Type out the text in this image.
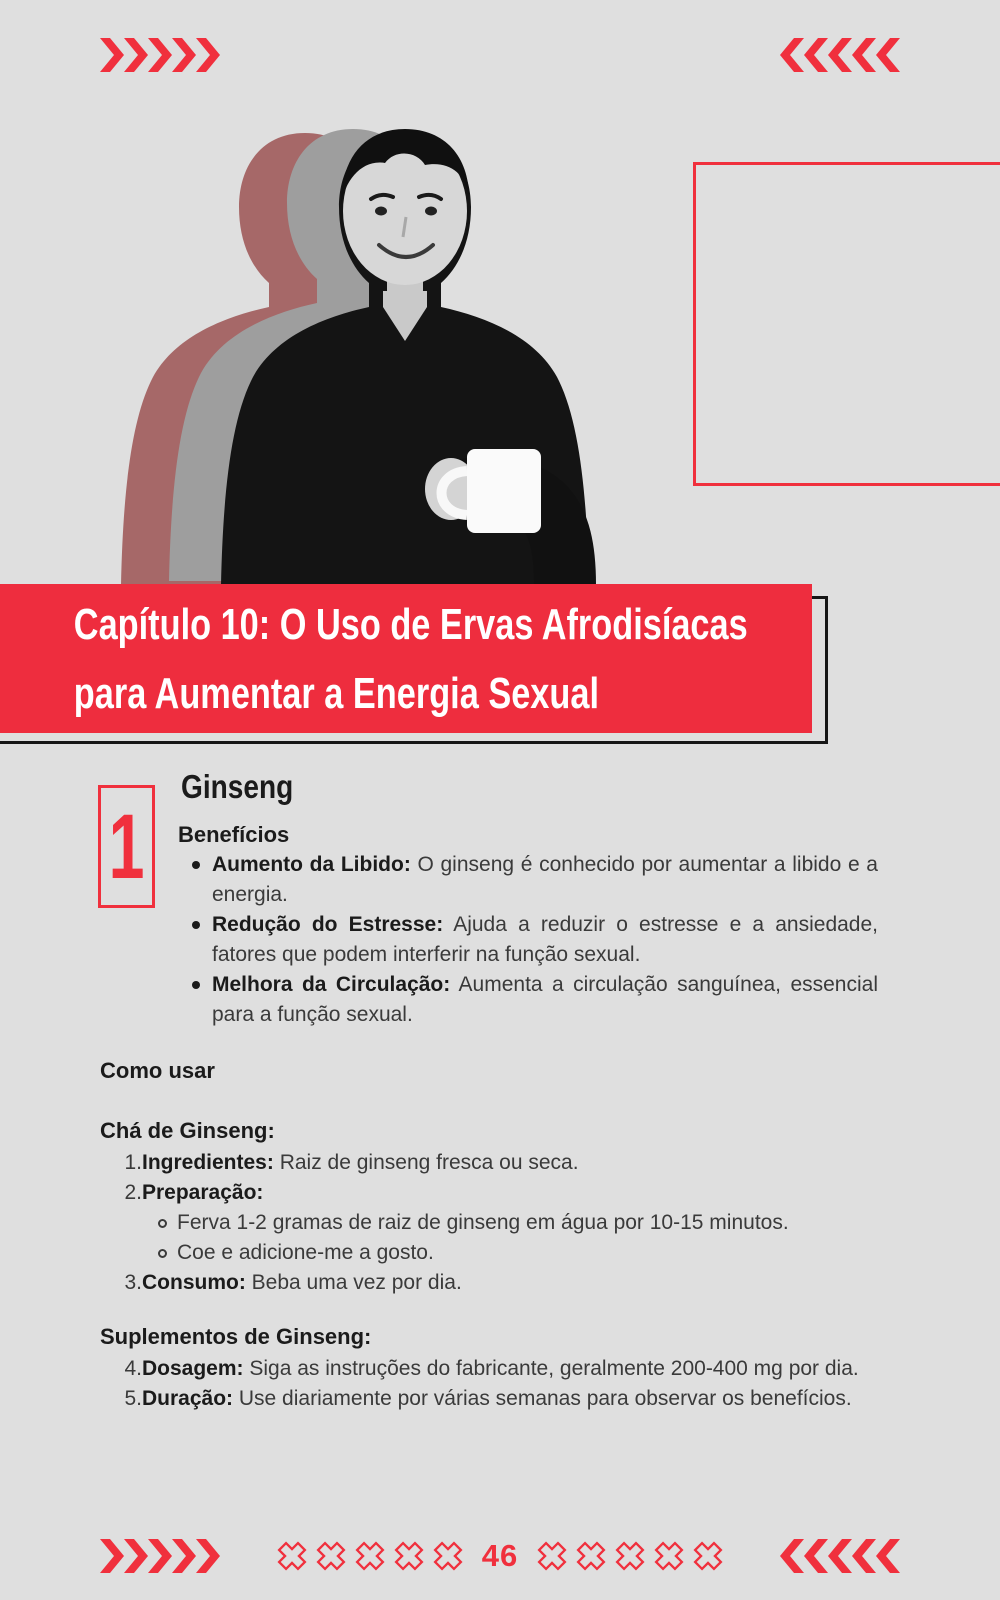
Capítulo 10: O Uso de Ervas Afrodisíacas
para Aumentar a Energia Sexual
1
Ginseng
Benefícios

Aumento da Libido: O ginseng é conhecido por aumentar a libido e a energia.

Redução do Estresse: Ajuda a reduzir o estresse e a ansiedade, fatores que podem interferir na função sexual.

Melhora da Circulação: Aumenta a circulação sanguínea, essencial para a função sexual.

Como usar
Chá de Ginseng:
1. Ingredientes: Raiz de ginseng fresca ou seca.

2. Preparação:

Ferva 1-2 gramas de raiz de ginseng em água por 10-15 minutos.

Coe e adicione-me a gosto.

3. Consumo: Beba uma vez por dia.

Suplementos de Ginseng:
4. Dosagem: Siga as instruções do fabricante, geralmente 200-400 mg por dia.

5. Duração: Use diariamente por várias semanas para observar os benefícios.

46
